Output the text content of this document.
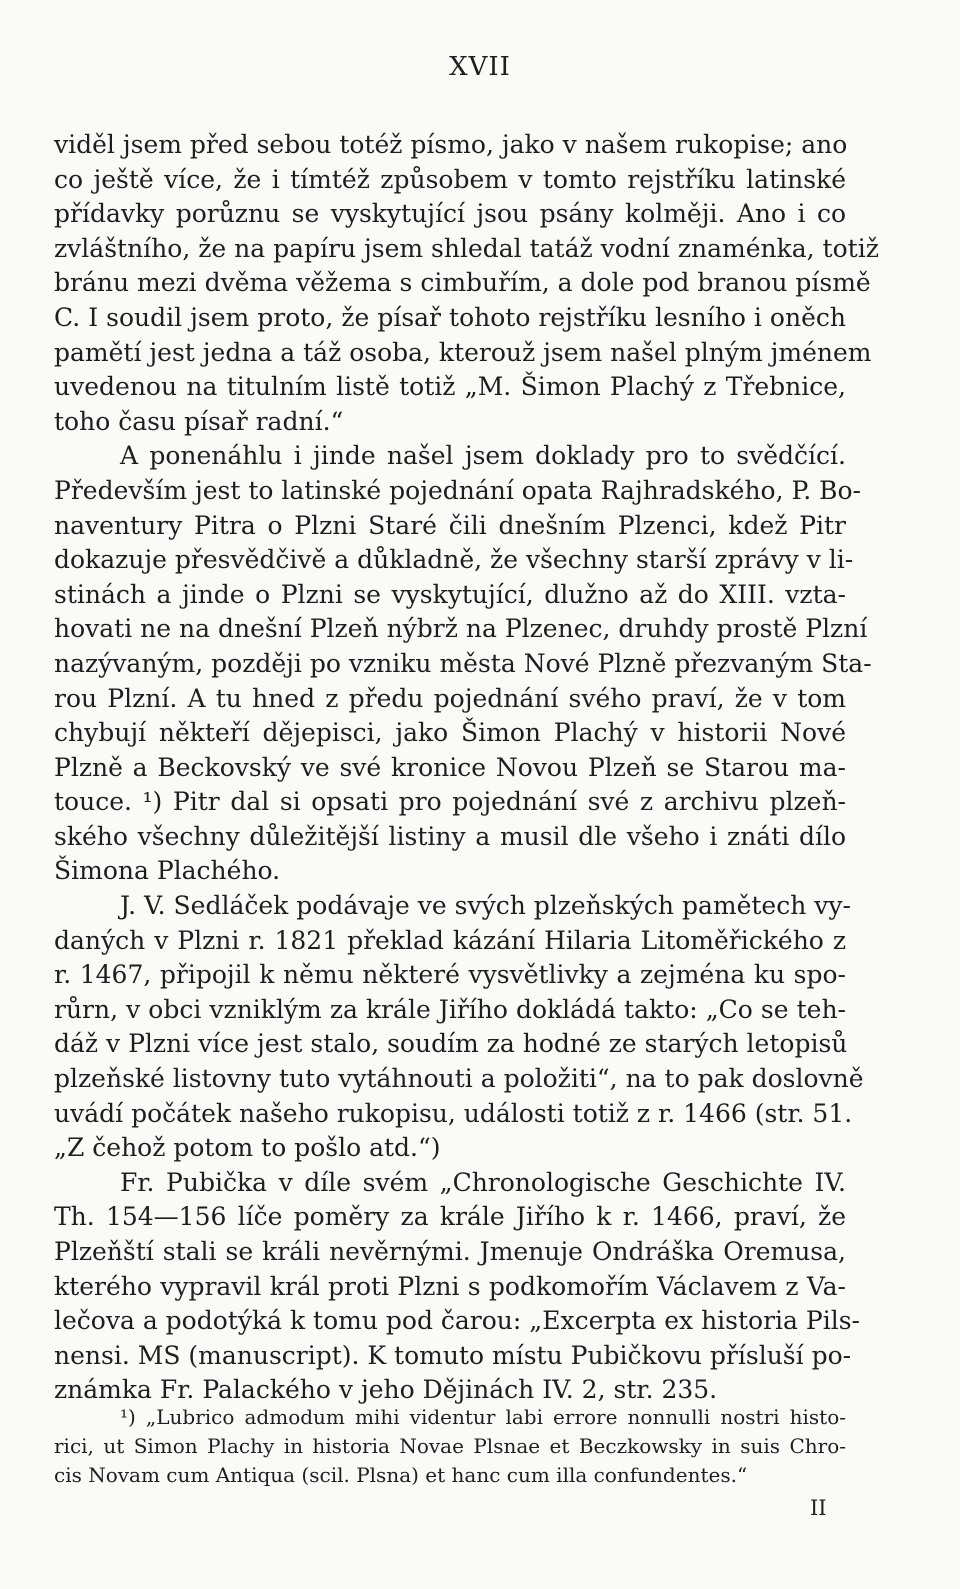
XVII
viděl jsem před sebou totéž písmo, jako v našem rukopise; ano
co ještě více, že i tímtéž způsobem v tomto rejstříku latinské
přídavky porůznu se vyskytující jsou psány kolměji. Ano i co
zvláštního, že na papíru jsem shledal tatáž vodní znaménka, totiž
bránu mezi dvěma věžema s cimbuřím, a dole pod branou písmě
C. I soudil jsem proto, že písař tohoto rejstříku lesního i oněch
pamětí jest jedna a táž osoba, kterouž jsem našel plným jménem
uvedenou na titulním listě totiž „M. Šimon Plachý z Třebnice,
toho času písař radní.“
A ponenáhlu i jinde našel jsem doklady pro to svědčící.
Především jest to latinské pojednání opata Rajhradského, P. Bo-
naventury Pitra o Plzni Staré čili dnešním Plzenci, kdež Pitr
dokazuje přesvědčivě a důkladně, že všechny starší zprávy v li-
stinách a jinde o Plzni se vyskytující, dlužno až do XIII. vzta-
hovati ne na dnešní Plzeň nýbrž na Plzenec, druhdy prostě Plzní
nazývaným, později po vzniku města Nové Plzně přezvaným Sta-
rou Plzní. A tu hned z předu pojednání svého praví, že v tom
chybují někteří dějepisci, jako Šimon Plachý v historii Nové
Plzně a Beckovský ve své kronice Novou Plzeň se Starou ma-
touce. ¹) Pitr dal si opsati pro pojednání své z archivu plzeň-
ského všechny důležitější listiny a musil dle všeho i znáti dílo
Šimona Plachého.
J. V. Sedláček podávaje ve svých plzeňských pamětech vy-
daných v Plzni r. 1821 překlad kázání Hilaria Litoměřického z
r. 1467, připojil k němu některé vysvětlivky a zejména ku spo-
růrn, v obci vzniklým za krále Jiřího dokládá takto: „Co se teh-
dáž v Plzni více jest stalo, soudím za hodné ze starých letopisů
plzeňské listovny tuto vytáhnouti a položiti“, na to pak doslovně
uvádí počátek našeho rukopisu, události totiž z r. 1466 (str. 51.
„Z čehož potom to pošlo atd.“)
Fr. Pubička v díle svém „Chronologische Geschichte IV.
Th. 154—156 líče poměry za krále Jiřího k r. 1466, praví, že
Plzeňští stali se králi nevěrnými. Jmenuje Ondráška Oremusa,
kterého vypravil král proti Plzni s podkomořím Václavem z Va-
lečova a podotýká k tomu pod čarou: „Excerpta ex historia Pils-
nensi. MS (manuscript). K tomuto místu Pubičkovu přísluší po-
známka Fr. Palackého v jeho Dějinách IV. 2, str. 235.
¹) „Lubrico admodum mihi videntur labi errore nonnulli nostri histo-
rici, ut Simon Plachy in historia Novae Plsnae et Beczkowsky in suis Chro-
cis Novam cum Antiqua (scil. Plsna) et hanc cum illa confundentes.“
II
